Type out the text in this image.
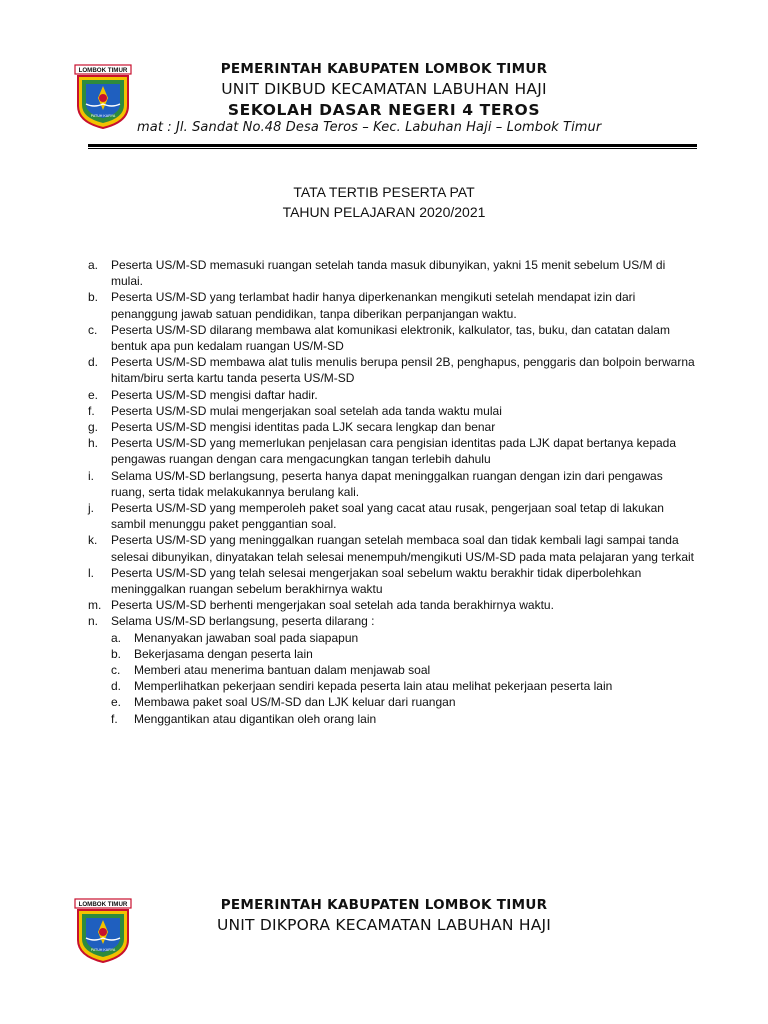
LOMBOK TIMUR
PATUH KARYA
PEMERINTAH KABUPATEN LOMBOK TIMUR
UNIT DIKBUD KECAMATAN LABUHAN HAJI
SEKOLAH DASAR NEGERI 4 TEROS
mat : Jl. Sandat No.48 Desa Teros – Kec. Labuhan Haji – Lombok Timur
TATA TERTIB PESERTA PAT
TAHUN PELAJARAN 2020/2021
a. Peserta US/M-SD memasuki ruangan setelah tanda masuk dibunyikan, yakni 15 menit sebelum US/M di mulai.
b. Peserta US/M-SD yang terlambat hadir hanya diperkenankan mengikuti setelah mendapat izin dari penanggung jawab satuan pendidikan, tanpa diberikan perpanjangan waktu.
c. Peserta US/M-SD dilarang membawa alat komunikasi elektronik, kalkulator, tas, buku, dan catatan dalam bentuk apa pun kedalam ruangan US/M-SD
d. Peserta US/M-SD membawa alat tulis menulis berupa pensil 2B, penghapus, penggaris dan bolpoin berwarna hitam/biru serta kartu tanda peserta US/M-SD
e. Peserta US/M-SD mengisi daftar hadir.
f. Peserta US/M-SD mulai mengerjakan soal setelah ada tanda waktu mulai
g. Peserta US/M-SD mengisi identitas pada LJK secara lengkap dan benar
h. Peserta US/M-SD yang memerlukan penjelasan cara pengisian identitas pada LJK dapat bertanya kepada pengawas ruangan dengan cara mengacungkan tangan terlebih dahulu
i. Selama US/M-SD berlangsung, peserta hanya dapat meninggalkan ruangan dengan izin dari pengawas ruang, serta tidak melakukannya berulang kali.
j. Peserta US/M-SD yang memperoleh paket soal yang cacat atau rusak, pengerjaan soal tetap di lakukan sambil menunggu paket penggantian soal.
k. Peserta US/M-SD yang meninggalkan ruangan setelah membaca soal dan tidak kembali lagi sampai tanda selesai dibunyikan, dinyatakan telah selesai menempuh/mengikuti US/M-SD pada mata pelajaran yang terkait
l. Peserta US/M-SD yang telah selesai mengerjakan soal sebelum waktu berakhir tidak diperbolehkan meninggalkan ruangan sebelum berakhirnya waktu
m. Peserta US/M-SD berhenti mengerjakan soal setelah ada tanda berakhirnya waktu.
n. Selama US/M-SD berlangsung, peserta dilarang :
a. Menanyakan jawaban soal pada siapapun
b. Bekerjasama dengan peserta lain
c. Memberi atau menerima bantuan dalam menjawab soal
d. Memperlihatkan pekerjaan sendiri kepada peserta lain atau melihat pekerjaan peserta lain
e. Membawa paket soal US/M-SD dan LJK keluar dari ruangan
f. Menggantikan atau digantikan oleh orang lain
LOMBOK TIMUR
PATUH KARYA
PEMERINTAH KABUPATEN LOMBOK TIMUR
UNIT DIKPORA KECAMATAN LABUHAN HAJI
